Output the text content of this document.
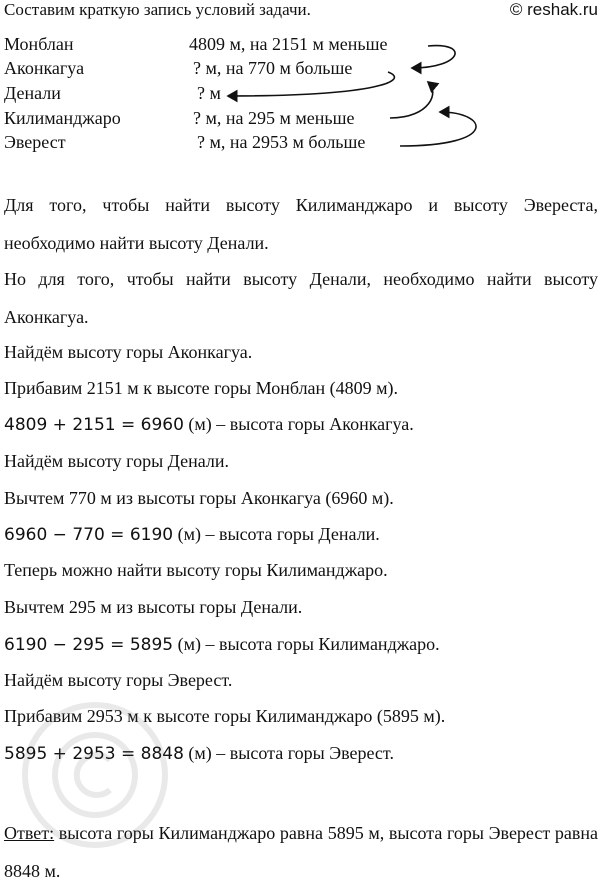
Составим краткую запись условий задачи.	© reshak.ru
Монблан	4809 м, на 2151 м меньше
Аконкагуа	? м, на 770 м больше
Денали	? м
Килиманджаро	? м, на 295 м меньше
Эверест	? м, на 2953 м больше
Для того, чтобы найти высоту Килиманджаро и высоту Эвереста, необходимо найти высоту Денали.
Но для того, чтобы найти высоту Денали, необходимо найти высоту Аконкагуа.
Найдём высоту горы Аконкагуа.
Прибавим 2151 м к высоте горы Монблан (4809 м).
4809 + 2151 = 6960 (м) – высота горы Аконкагуа.
Найдём высоту горы Денали.
Вычтем 770 м из высоты горы Аконкагуа (6960 м).
6960 − 770 = 6190 (м) – высота горы Денали.
Теперь можно найти высоту горы Килиманджаро.
Вычтем 295 м из высоты горы Денали.
6190 − 295 = 5895 (м) – высота горы Килиманджаро.
Найдём высоту горы Эверест.
Прибавим 2953 м к высоте горы Килиманджаро (5895 м).
5895 + 2953 = 8848 (м) – высота горы Эверест.
Ответ: высота горы Килиманджаро равна 5895 м, высота горы Эверест равна 8848 м.
